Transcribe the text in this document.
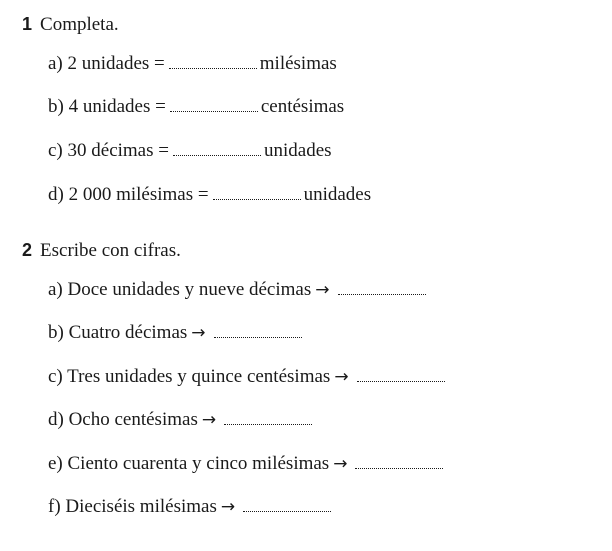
1 Completa.
a) 2 unidades =	milésimas
b) 4 unidades =	centésimas
c) 30 décimas =	unidades
d) 2 000 milésimas =	unidades
2 Escribe con cifras.
a) Doce unidades y nueve décimas →
b) Cuatro décimas →
c) Tres unidades y quince centésimas →
d) Ocho centésimas →
e) Ciento cuarenta y cinco milésimas →
f) Dieciséis milésimas →
